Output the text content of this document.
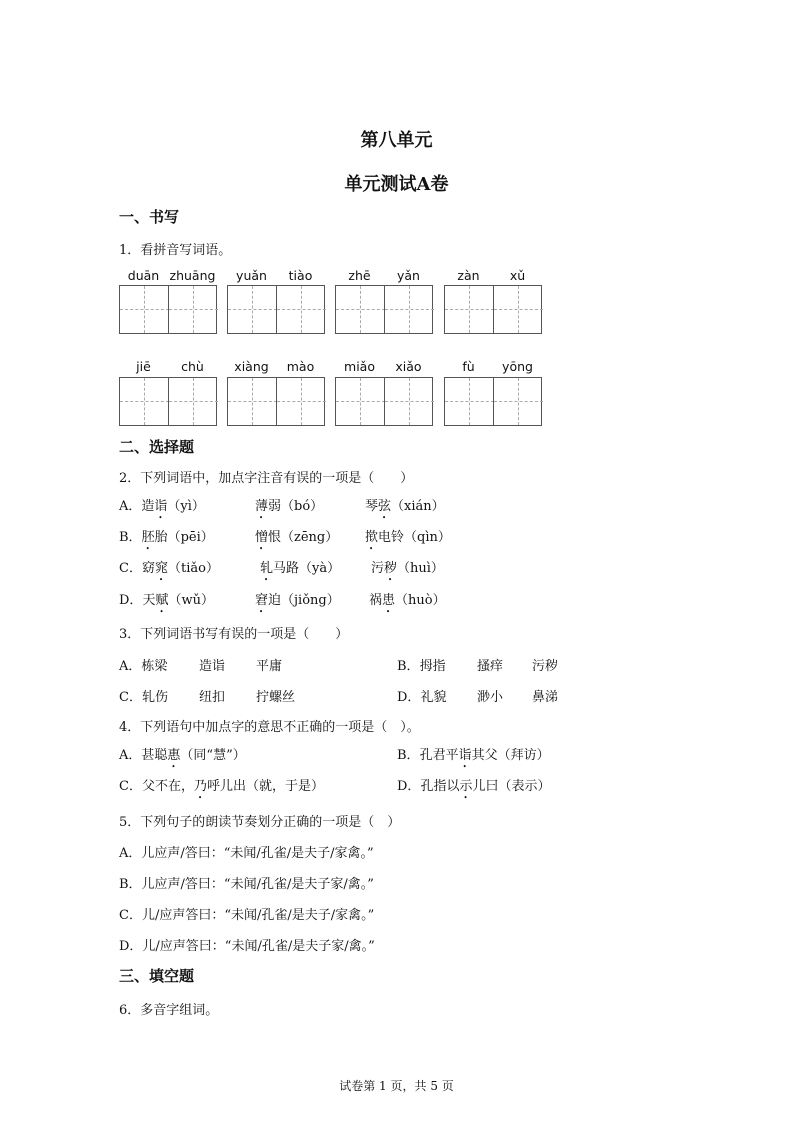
第八单元
单元测试A卷
一、书写
1．看拼音写词语。
duān zhuāng	yuǎn	tiào	zhē	yǎn	zàn	xǔ
jiē	chù	xiàng	mào	miǎo	xiǎo	fù	yōng
二、选择题
2．下列词语中，加点字注音有误的一项是（　　）
A．造诣（yì）	薄弱（bó）	琴弦（xián）
B．胚胎（pēi）	憎恨（zēng） 揿电铃（qìn）
C．窈窕（tiǎo）	轧马路（yà） 污秽（huì）
D．天赋（wǔ）	窘迫（jiǒng） 祸患（huò）
3．下列词语书写有误的一项是（　　）
A．栋梁 造诣 平庸	B．拇指 搔痒 污秽
C．轧伤 纽扣 拧螺丝	D．礼貌 渺小 鼻涕
4．下列语句中加点字的意思不正确的一项是（　）。
A．甚聪惠（同“慧”）	B．孔君平诣其父（拜访）
C．父不在，乃呼儿出（就，于是）	D．孔指以示儿曰（表示）
5．下列句子的朗读节奏划分正确的一项是（　）
A．儿应声/答曰：“未闻/孔雀/是夫子/家禽。”
B．儿应声/答曰：“未闻/孔雀/是夫子家/禽。”
C．儿/应声答曰：“未闻/孔雀/是夫子/家禽。”
D．儿/应声答曰：“未闻/孔雀/是夫子家/禽。”
三、填空题
6．多音字组词。
试卷第 1 页，共 5 页
